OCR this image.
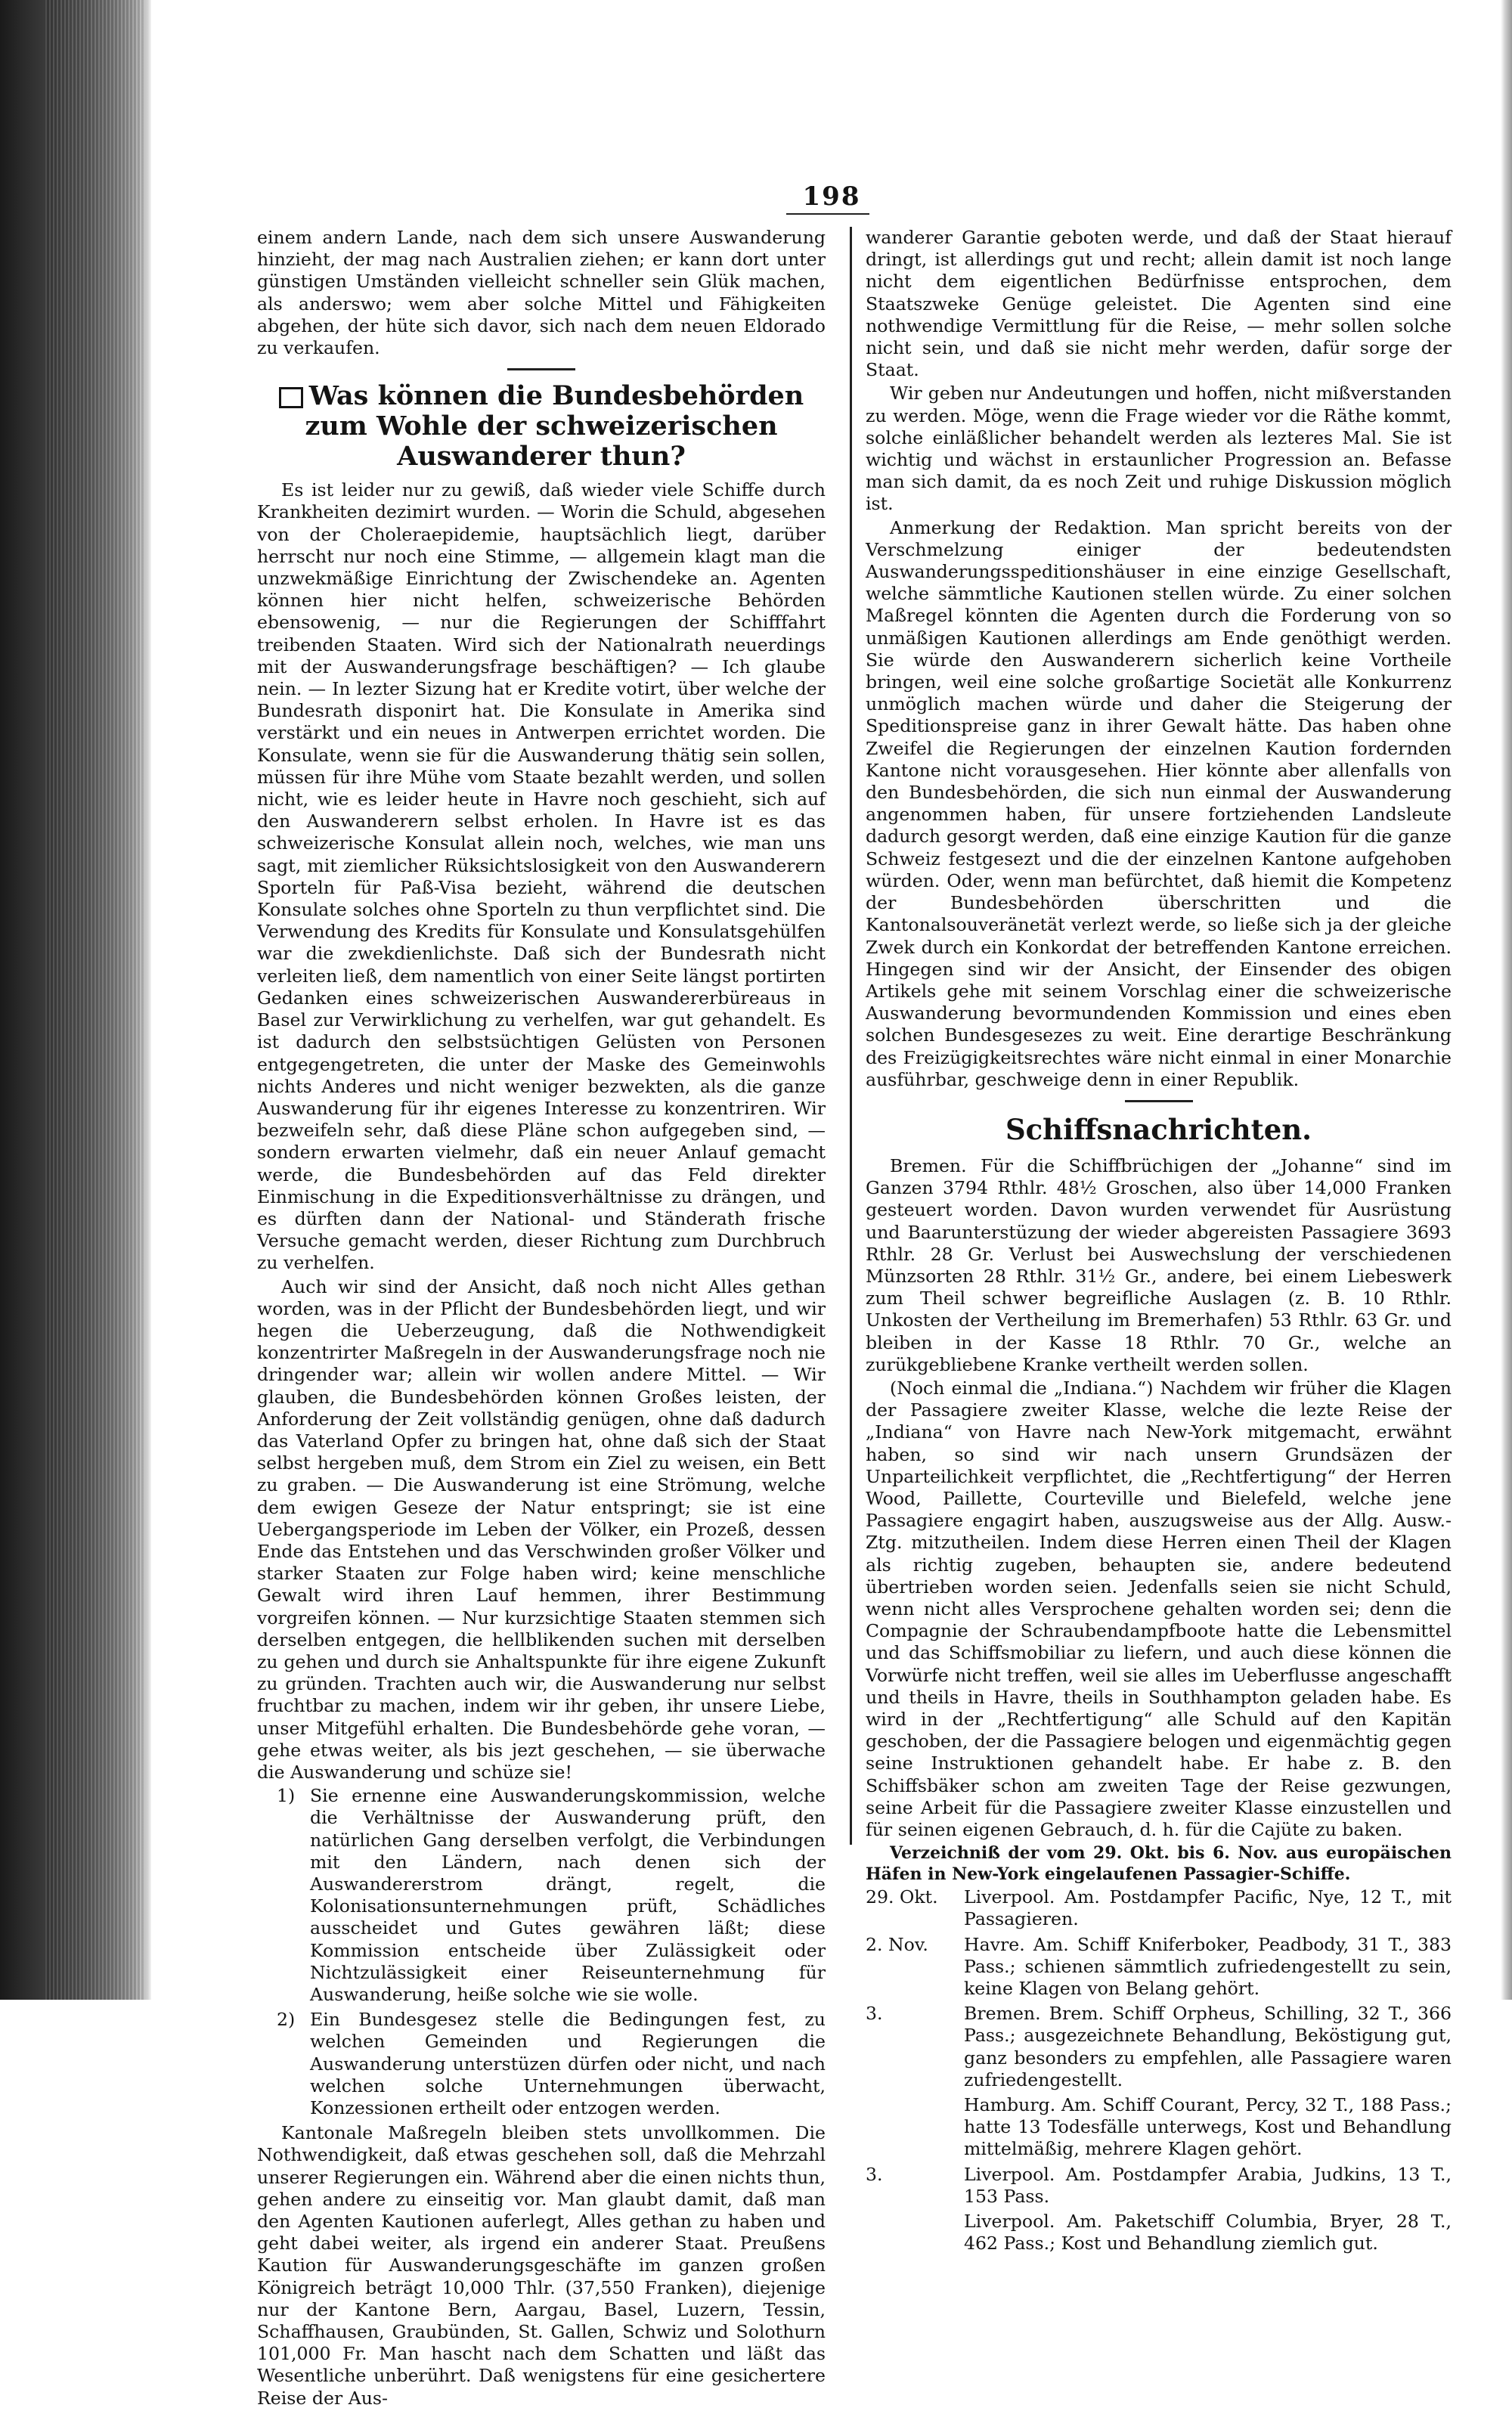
198

einem andern Lande, nach dem sich unsere Auswanderung hinzieht, der mag nach Australien ziehen; er kann dort unter günstigen Umständen vielleicht schneller sein Glük machen, als anderswo; wem aber solche Mittel und Fähigkeiten abgehen, der hüte sich davor, sich nach dem neuen Eldorado zu verkaufen.

Was können die Bundesbehörden zum Wohle der schweizerischen Auswanderer thun?

Es ist leider nur zu gewiß, daß wieder viele Schiffe durch Krankheiten dezimirt wurden. — Worin die Schuld, abgesehen von der Choleraepidemie, hauptsächlich liegt, darüber herrscht nur noch eine Stimme, — allgemein klagt man die unzwekmäßige Einrichtung der Zwischendeke an. Agenten können hier nicht helfen, schweizerische Behörden ebensowenig, — nur die Regierungen der Schifffahrt treibenden Staaten. Wird sich der Nationalrath neuerdings mit der Auswanderungsfrage beschäftigen? — Ich glaube nein. — In lezter Sizung hat er Kredite votirt, über welche der Bundesrath disponirt hat. Die Konsulate in Amerika sind verstärkt und ein neues in Antwerpen errichtet worden. Die Konsulate, wenn sie für die Auswanderung thätig sein sollen, müssen für ihre Mühe vom Staate bezahlt werden, und sollen nicht, wie es leider heute in Havre noch geschieht, sich auf den Auswanderern selbst erholen. In Havre ist es das schweizerische Konsulat allein noch, welches, wie man uns sagt, mit ziemlicher Rüksichtslosigkeit von den Auswanderern Sporteln für Paß-Visa bezieht, während die deutschen Konsulate solches ohne Sporteln zu thun verpflichtet sind. Die Verwendung des Kredits für Konsulate und Konsulatsgehülfen war die zwekdienlichste. Daß sich der Bundesrath nicht verleiten ließ, dem namentlich von einer Seite längst portirten Gedanken eines schweizerischen Auswandererbüreaus in Basel zur Verwirklichung zu verhelfen, war gut gehandelt. Es ist dadurch den selbstsüchtigen Gelüsten von Personen entgegengetreten, die unter der Maske des Gemeinwohls nichts Anderes und nicht weniger bezwekten, als die ganze Auswanderung für ihr eigenes Interesse zu konzentriren. Wir bezweifeln sehr, daß diese Pläne schon aufgegeben sind, — sondern erwarten vielmehr, daß ein neuer Anlauf gemacht werde, die Bundesbehörden auf das Feld direkter Einmischung in die Expeditionsverhältnisse zu drängen, und es dürften dann der National- und Ständerath frische Versuche gemacht werden, dieser Richtung zum Durchbruch zu verhelfen.

Auch wir sind der Ansicht, daß noch nicht Alles gethan worden, was in der Pflicht der Bundesbehörden liegt, und wir hegen die Ueberzeugung, daß die Nothwendigkeit konzentrirter Maßregeln in der Auswanderungsfrage noch nie dringender war; allein wir wollen andere Mittel. — Wir glauben, die Bundesbehörden können Großes leisten, der Anforderung der Zeit vollständig genügen, ohne daß dadurch das Vaterland Opfer zu bringen hat, ohne daß sich der Staat selbst hergeben muß, dem Strom ein Ziel zu weisen, ein Bett zu graben. — Die Auswanderung ist eine Strömung, welche dem ewigen Geseze der Natur entspringt; sie ist eine Uebergangsperiode im Leben der Völker, ein Prozeß, dessen Ende das Entstehen und das Verschwinden großer Völker und starker Staaten zur Folge haben wird; keine menschliche Gewalt wird ihren Lauf hemmen, ihrer Bestimmung vorgreifen können. — Nur kurzsichtige Staaten stemmen sich derselben entgegen, die hellblikenden suchen mit derselben zu gehen und durch sie Anhaltspunkte für ihre eigene Zukunft zu gründen. Trachten auch wir, die Auswanderung nur selbst fruchtbar zu machen, indem wir ihr geben, ihr unsere Liebe, unser Mitgefühl erhalten. Die Bundesbehörde gehe voran, — gehe etwas weiter, als bis jezt geschehen, — sie überwache die Auswanderung und schüze sie!

1) Sie ernenne eine Auswanderungskommission, welche die Verhältnisse der Auswanderung prüft, den natürlichen Gang derselben verfolgt, die Verbindungen mit den Ländern, nach denen sich der Auswandererstrom drängt, regelt, die Kolonisationsunternehmungen prüft, Schädliches ausscheidet und Gutes gewähren läßt; diese Kommission entscheide über Zulässigkeit oder Nichtzulässigkeit einer Reiseunternehmung für Auswanderung, heiße solche wie sie wolle.
2) Ein Bundesgesez stelle die Bedingungen fest, zu welchen Gemeinden und Regierungen die Auswanderung unterstüzen dürfen oder nicht, und nach welchen solche Unternehmungen überwacht, Konzessionen ertheilt oder entzogen werden.

Kantonale Maßregeln bleiben stets unvollkommen. Die Nothwendigkeit, daß etwas geschehen soll, daß die Mehrzahl unserer Regierungen ein. Während aber die einen nichts thun, gehen andere zu einseitig vor. Man glaubt damit, daß man den Agenten Kautionen auferlegt, Alles gethan zu haben und geht dabei weiter, als irgend ein anderer Staat. Preußens Kaution für Auswanderungsgeschäfte im ganzen großen Königreich beträgt 10,000 Thlr. (37,550 Franken), diejenige nur der Kantone Bern, Aargau, Basel, Luzern, Tessin, Schaffhausen, Graubünden, St. Gallen, Schwiz und Solothurn 101,000 Fr. Man hascht nach dem Schatten und läßt das Wesentliche unberührt. Daß wenigstens für eine gesichertere Reise der Aus-

wanderer Garantie geboten werde, und daß der Staat hierauf dringt, ist allerdings gut und recht; allein damit ist noch lange nicht dem eigentlichen Bedürfnisse entsprochen, dem Staatszweke Genüge geleistet. Die Agenten sind eine nothwendige Vermittlung für die Reise, — mehr sollen solche nicht sein, und daß sie nicht mehr werden, dafür sorge der Staat.

Wir geben nur Andeutungen und hoffen, nicht mißverstanden zu werden. Möge, wenn die Frage wieder vor die Räthe kommt, solche einläßlicher behandelt werden als lezteres Mal. Sie ist wichtig und wächst in erstaunlicher Progression an. Befasse man sich damit, da es noch Zeit und ruhige Diskussion möglich ist.

Anmerkung der Redaktion. Man spricht bereits von der Verschmelzung einiger der bedeutendsten Auswanderungsspeditionshäuser in eine einzige Gesellschaft, welche sämmtliche Kautionen stellen würde. Zu einer solchen Maßregel könnten die Agenten durch die Forderung von so unmäßigen Kautionen allerdings am Ende genöthigt werden. Sie würde den Auswanderern sicherlich keine Vortheile bringen, weil eine solche großartige Societät alle Konkurrenz unmöglich machen würde und daher die Steigerung der Speditionspreise ganz in ihrer Gewalt hätte. Das haben ohne Zweifel die Regierungen der einzelnen Kaution fordernden Kantone nicht vorausgesehen. Hier könnte aber allenfalls von den Bundesbehörden, die sich nun einmal der Auswanderung angenommen haben, für unsere fortziehenden Landsleute dadurch gesorgt werden, daß eine einzige Kaution für die ganze Schweiz festgesezt und die der einzelnen Kantone aufgehoben würden. Oder, wenn man befürchtet, daß hiemit die Kompetenz der Bundesbehörden überschritten und die Kantonalsouveränetät verlezt werde, so ließe sich ja der gleiche Zwek durch ein Konkordat der betreffenden Kantone erreichen. Hingegen sind wir der Ansicht, der Einsender des obigen Artikels gehe mit seinem Vorschlag einer die schweizerische Auswanderung bevormundenden Kommission und eines eben solchen Bundesgesezes zu weit. Eine derartige Beschränkung des Freizügigkeitsrechtes wäre nicht einmal in einer Monarchie ausführbar, geschweige denn in einer Republik.

Schiffsnachrichten.

Bremen. Für die Schiffbrüchigen der „Johanne“ sind im Ganzen 3794 Rthlr. 48½ Groschen, also über 14,000 Franken gesteuert worden. Davon wurden verwendet für Ausrüstung und Baarunterstüzung der wieder abgereisten Passagiere 3693 Rthlr. 28 Gr. Verlust bei Auswechslung der verschiedenen Münzsorten 28 Rthlr. 31½ Gr., andere, bei einem Liebeswerk zum Theil schwer begreifliche Auslagen (z. B. 10 Rthlr. Unkosten der Vertheilung im Bremerhafen) 53 Rthlr. 63 Gr. und bleiben in der Kasse 18 Rthlr. 70 Gr., welche an zurükgebliebene Kranke vertheilt werden sollen.

(Noch einmal die „Indiana.“) Nachdem wir früher die Klagen der Passagiere zweiter Klasse, welche die lezte Reise der „Indiana“ von Havre nach New-York mitgemacht, erwähnt haben, so sind wir nach unsern Grundsäzen der Unparteilichkeit verpflichtet, die „Rechtfertigung“ der Herren Wood, Paillette, Courteville und Bielefeld, welche jene Passagiere engagirt haben, auszugsweise aus der Allg. Ausw.-Ztg. mitzutheilen. Indem diese Herren einen Theil der Klagen als richtig zugeben, behaupten sie, andere bedeutend übertrieben worden seien. Jedenfalls seien sie nicht Schuld, wenn nicht alles Versprochene gehalten worden sei; denn die Compagnie der Schraubendampfboote hatte die Lebensmittel und das Schiffsmobiliar zu liefern, und auch diese können die Vorwürfe nicht treffen, weil sie alles im Ueberflusse angeschafft und theils in Havre, theils in Southhampton geladen habe. Es wird in der „Rechtfertigung“ alle Schuld auf den Kapitän geschoben, der die Passagiere belogen und eigenmächtig gegen seine Instruktionen gehandelt habe. Er habe z. B. den Schiffsbäker schon am zweiten Tage der Reise gezwungen, seine Arbeit für die Passagiere zweiter Klasse einzustellen und für seinen eigenen Gebrauch, d. h. für die Cajüte zu baken.

Verzeichniß der vom 29. Okt. bis 6. Nov. aus europäischen Häfen in New-York eingelaufenen Passagier-Schiffe.

29. Okt.	Liverpool. Am. Postdampfer Pacific, Nye, 12 T., mit Passagieren.
2. Nov.	Havre. Am. Schiff Kniferboker, Peadbody, 31 T., 383 Pass.; schienen sämmtlich zufriedengestellt zu sein, keine Klagen von Belang gehört.
3.	Bremen. Brem. Schiff Orpheus, Schilling, 32 T., 366 Pass.; ausgezeichnete Behandlung, Beköstigung gut, ganz besonders zu empfehlen, alle Passagiere waren zufriedengestellt.
Hamburg. Am. Schiff Courant, Percy, 32 T., 188 Pass.; hatte 13 Todesfälle unterwegs, Kost und Behandlung mittelmäßig, mehrere Klagen gehört.
3.	Liverpool. Am. Postdampfer Arabia, Judkins, 13 T., 153 Pass.
Liverpool. Am. Paketschiff Columbia, Bryer, 28 T., 462 Pass.; Kost und Behandlung ziemlich gut.
